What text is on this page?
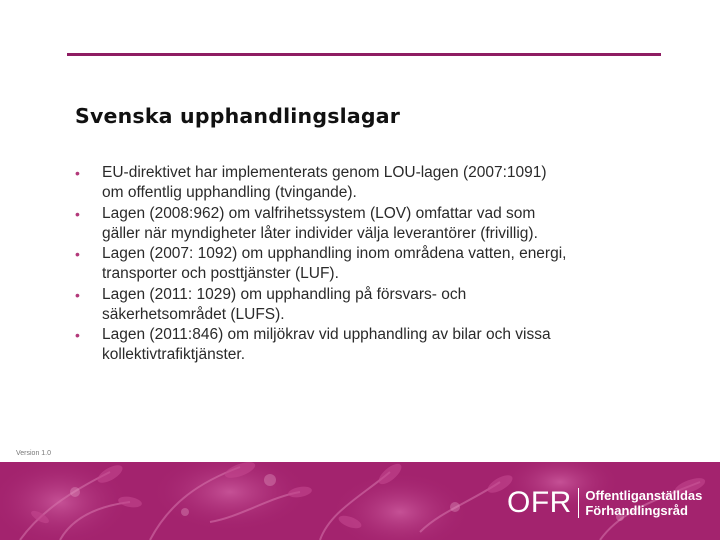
Svenska upphandlingslagar
• EU-direktivet har implementerats genom LOU-lagen (2007:1091)
om offentlig upphandling (tvingande).
• Lagen (2008:962) om valfrihetssystem (LOV) omfattar vad som
gäller när myndigheter låter individer välja leverantörer (frivillig).
• Lagen (2007: 1092) om upphandling inom områdena vatten, energi,
transporter och posttjänster (LUF).
• Lagen (2011: 1029) om upphandling på försvars- och
säkerhetsområdet (LUFS).
• Lagen (2011:846) om miljökrav vid upphandling av bilar och vissa
kollektivtrafiktjänster.
Version 1.0
OFR Offentliganställdas
Förhandlingsråd
